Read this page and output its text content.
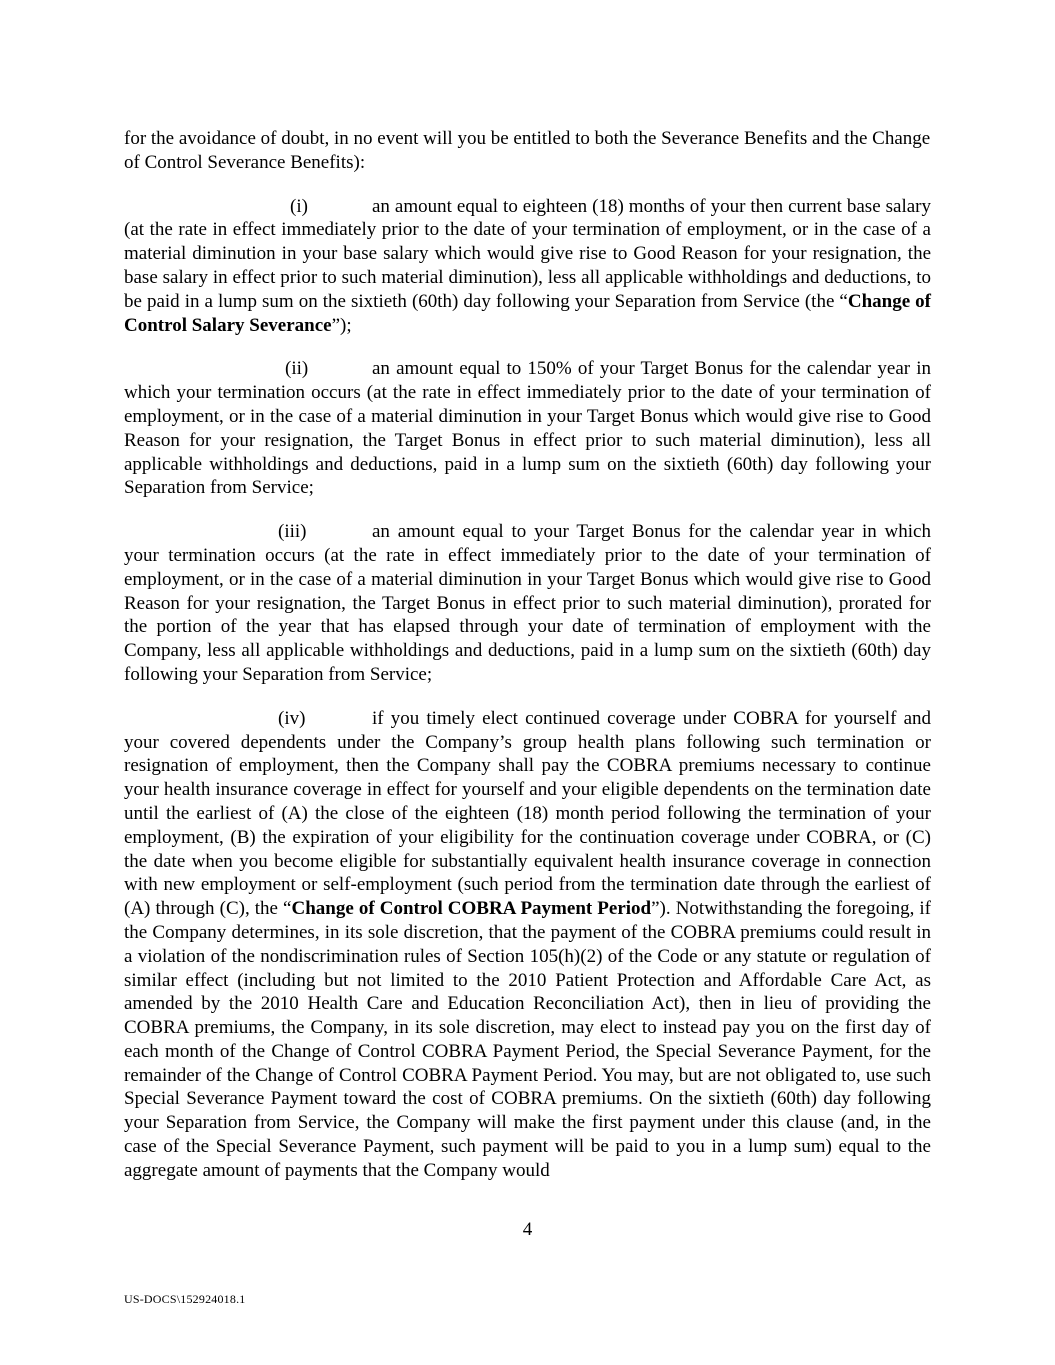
for the avoidance of doubt, in no event will you be entitled to both the Severance Benefits and the Change of Control Severance Benefits):

(i)	an amount equal to eighteen (18) months of your then current base salary (at the rate in effect immediately prior to the date of your termination of employment, or in the case of a material diminution in your base salary which would give rise to Good Reason for your resignation, the base salary in effect prior to such material diminution), less all applicable withholdings and deductions, to be paid in a lump sum on the sixtieth (60th) day following your Separation from Service (the “Change of Control Salary Severance”);

(ii)	an amount equal to 150% of your Target Bonus for the calendar year in which your termination occurs (at the rate in effect immediately prior to the date of your termination of employment, or in the case of a material diminution in your Target Bonus which would give rise to Good Reason for your resignation, the Target Bonus in effect prior to such material diminution), less all applicable withholdings and deductions, paid in a lump sum on the sixtieth (60th) day following your Separation from Service;

(iii)	an amount equal to your Target Bonus for the calendar year in which your termination occurs (at the rate in effect immediately prior to the date of your termination of employment, or in the case of a material diminution in your Target Bonus which would give rise to Good Reason for your resignation, the Target Bonus in effect prior to such material diminution), prorated for the portion of the year that has elapsed through your date of termination of employment with the Company, less all applicable withholdings and deductions, paid in a lump sum on the sixtieth (60th) day following your Separation from Service;

(iv)	if you timely elect continued coverage under COBRA for yourself and your covered dependents under the Company’s group health plans following such termination or resignation of employment, then the Company shall pay the COBRA premiums necessary to continue your health insurance coverage in effect for yourself and your eligible dependents on the termination date until the earliest of (A) the close of the eighteen (18) month period following the termination of your employment, (B) the expiration of your eligibility for the continuation coverage under COBRA, or (C) the date when you become eligible for substantially equivalent health insurance coverage in connection with new employment or self-employment (such period from the termination date through the earliest of (A) through (C), the “Change of Control COBRA Payment Period”). Notwithstanding the foregoing, if the Company determines, in its sole discretion, that the payment of the COBRA premiums could result in a violation of the nondiscrimination rules of Section 105(h)(2) of the Code or any statute or regulation of similar effect (including but not limited to the 2010 Patient Protection and Affordable Care Act, as amended by the 2010 Health Care and Education Reconciliation Act), then in lieu of providing the COBRA premiums, the Company, in its sole discretion, may elect to instead pay you on the first day of each month of the Change of Control COBRA Payment Period, the Special Severance Payment, for the remainder of the Change of Control COBRA Payment Period. You may, but are not obligated to, use such Special Severance Payment toward the cost of COBRA premiums. On the sixtieth (60th) day following your Separation from Service, the Company will make the first payment under this clause (and, in the case of the Special Severance Payment, such payment will be paid to you in a lump sum) equal to the aggregate amount of payments that the Company would

4
US-DOCS\152924018.1
